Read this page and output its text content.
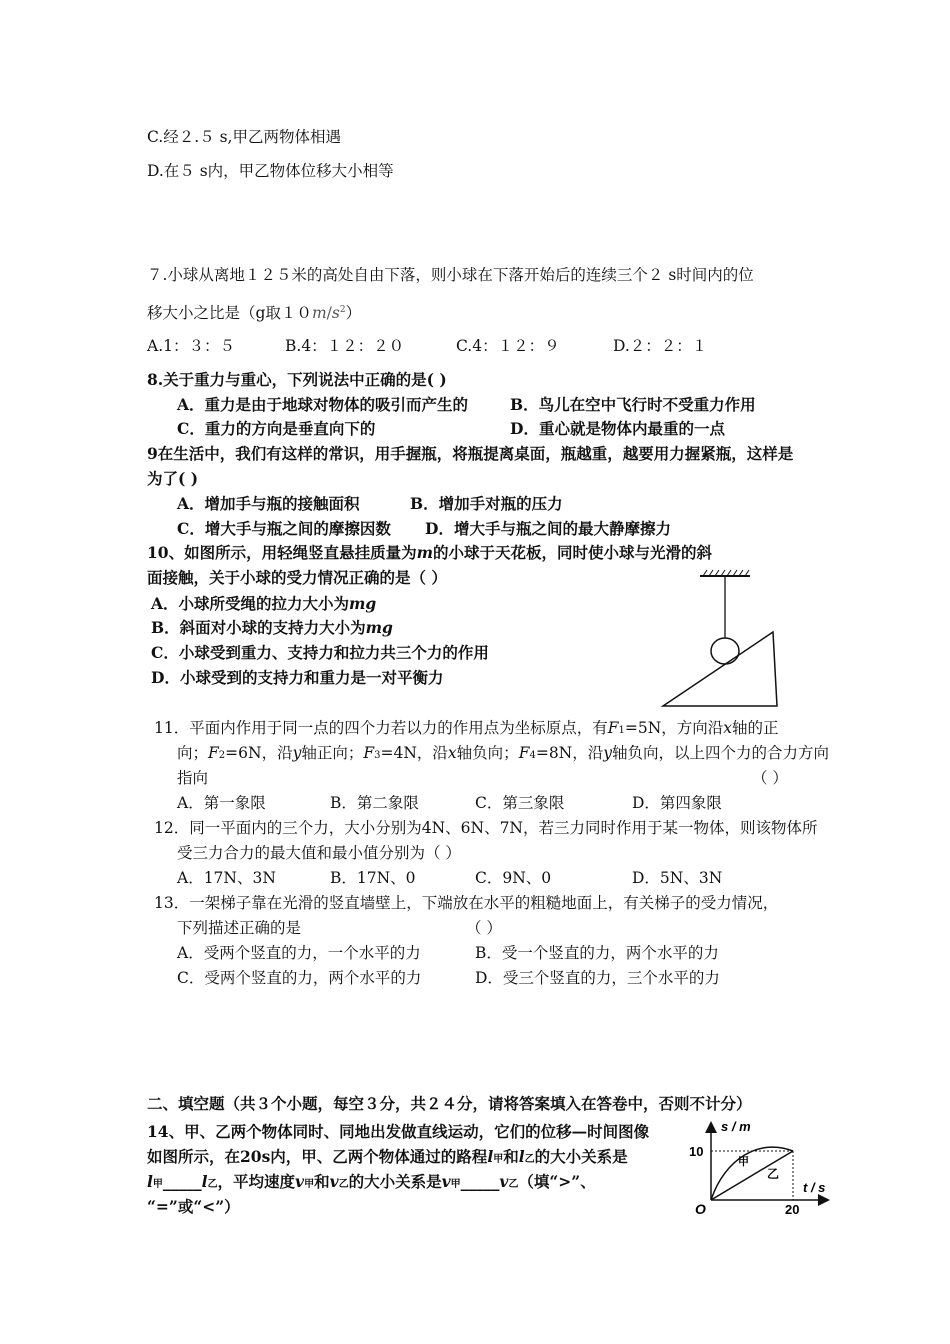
C.经２.５ s,甲乙两物体相遇
D.在５ s内，甲乙物体位移大小相等
７.小球从离地１２５米的高处自由下落，则小球在下落开始后的连续三个２ s时间内的位
移大小之比是（g取$10m/s^2$）
A.1：３：５	B.4：１２：２０	C.4：１２：９	D.２：２：１
8.关于重力与重心，下列说法中正确的是( )
A．重力是由于地球对物体的吸引而产生的	B．鸟儿在空中飞行时不受重力作用
C．重力的方向是垂直向下的	D．重心就是物体内最重的一点
9在生活中，我们有这样的常识，用手握瓶，将瓶提离桌面，瓶越重，越要用力握紧瓶，这样是
为了( )
A．增加手与瓶的接触面积	B．增加手对瓶的压力
C．增大手与瓶之间的摩擦因数 D．增大手与瓶之间的最大静摩擦力
10、如图所示，用轻绳竖直悬挂质量为m的小球于天花板，同时使小球与光滑的斜
面接触，关于小球的受力情况正确的是（ ）
A．小球所受绳的拉力大小为mg
B．斜面对小球的支持力大小为mg
C．小球受到重力、支持力和拉力共三个力的作用
D．小球受到的支持力和重力是一对平衡力
11．平面内作用于同一点的四个力若以力的作用点为坐标原点，有F1=5N，方向沿x轴的正
向；F2=6N，沿y轴正向；F3=4N，沿x轴负向；F4=8N，沿y轴负向，以上四个力的合力方向
指向	（ ）
A．第一象限	B．第二象限	C．第三象限	D．第四象限
12．同一平面内的三个力，大小分别为4N、6N、7N，若三力同时作用于某一物体，则该物体所
受三力合力的最大值和最小值分别为（ ）
A．17N、3N	B．17N、0	C．9N、0	D．5N、3N
13．一架梯子靠在光滑的竖直墙壁上，下端放在水平的粗糙地面上，有关梯子的受力情况，
下列描述正确的是	（ ）
A．受两个竖直的力，一个水平的力	B．受一个竖直的力，两个水平的力
C．受两个竖直的力，两个水平的力	D．受三个竖直的力，三个水平的力
二、填空题（共３个小题，每空３分，共２４分，请将答案填入在答卷中，否则不计分）
14、甲、乙两个物体同时、同地出发做直线运动，它们的位移—时间图像
如图所示，在20s内，甲、乙两个物体通过的路程l甲和l乙的大小关系是
l甲_____l乙，平均速度v甲和v乙的大小关系是v甲_____v乙（填“>”、
“=”或“<”）
s / m
t / s
10
20
O
甲
乙
